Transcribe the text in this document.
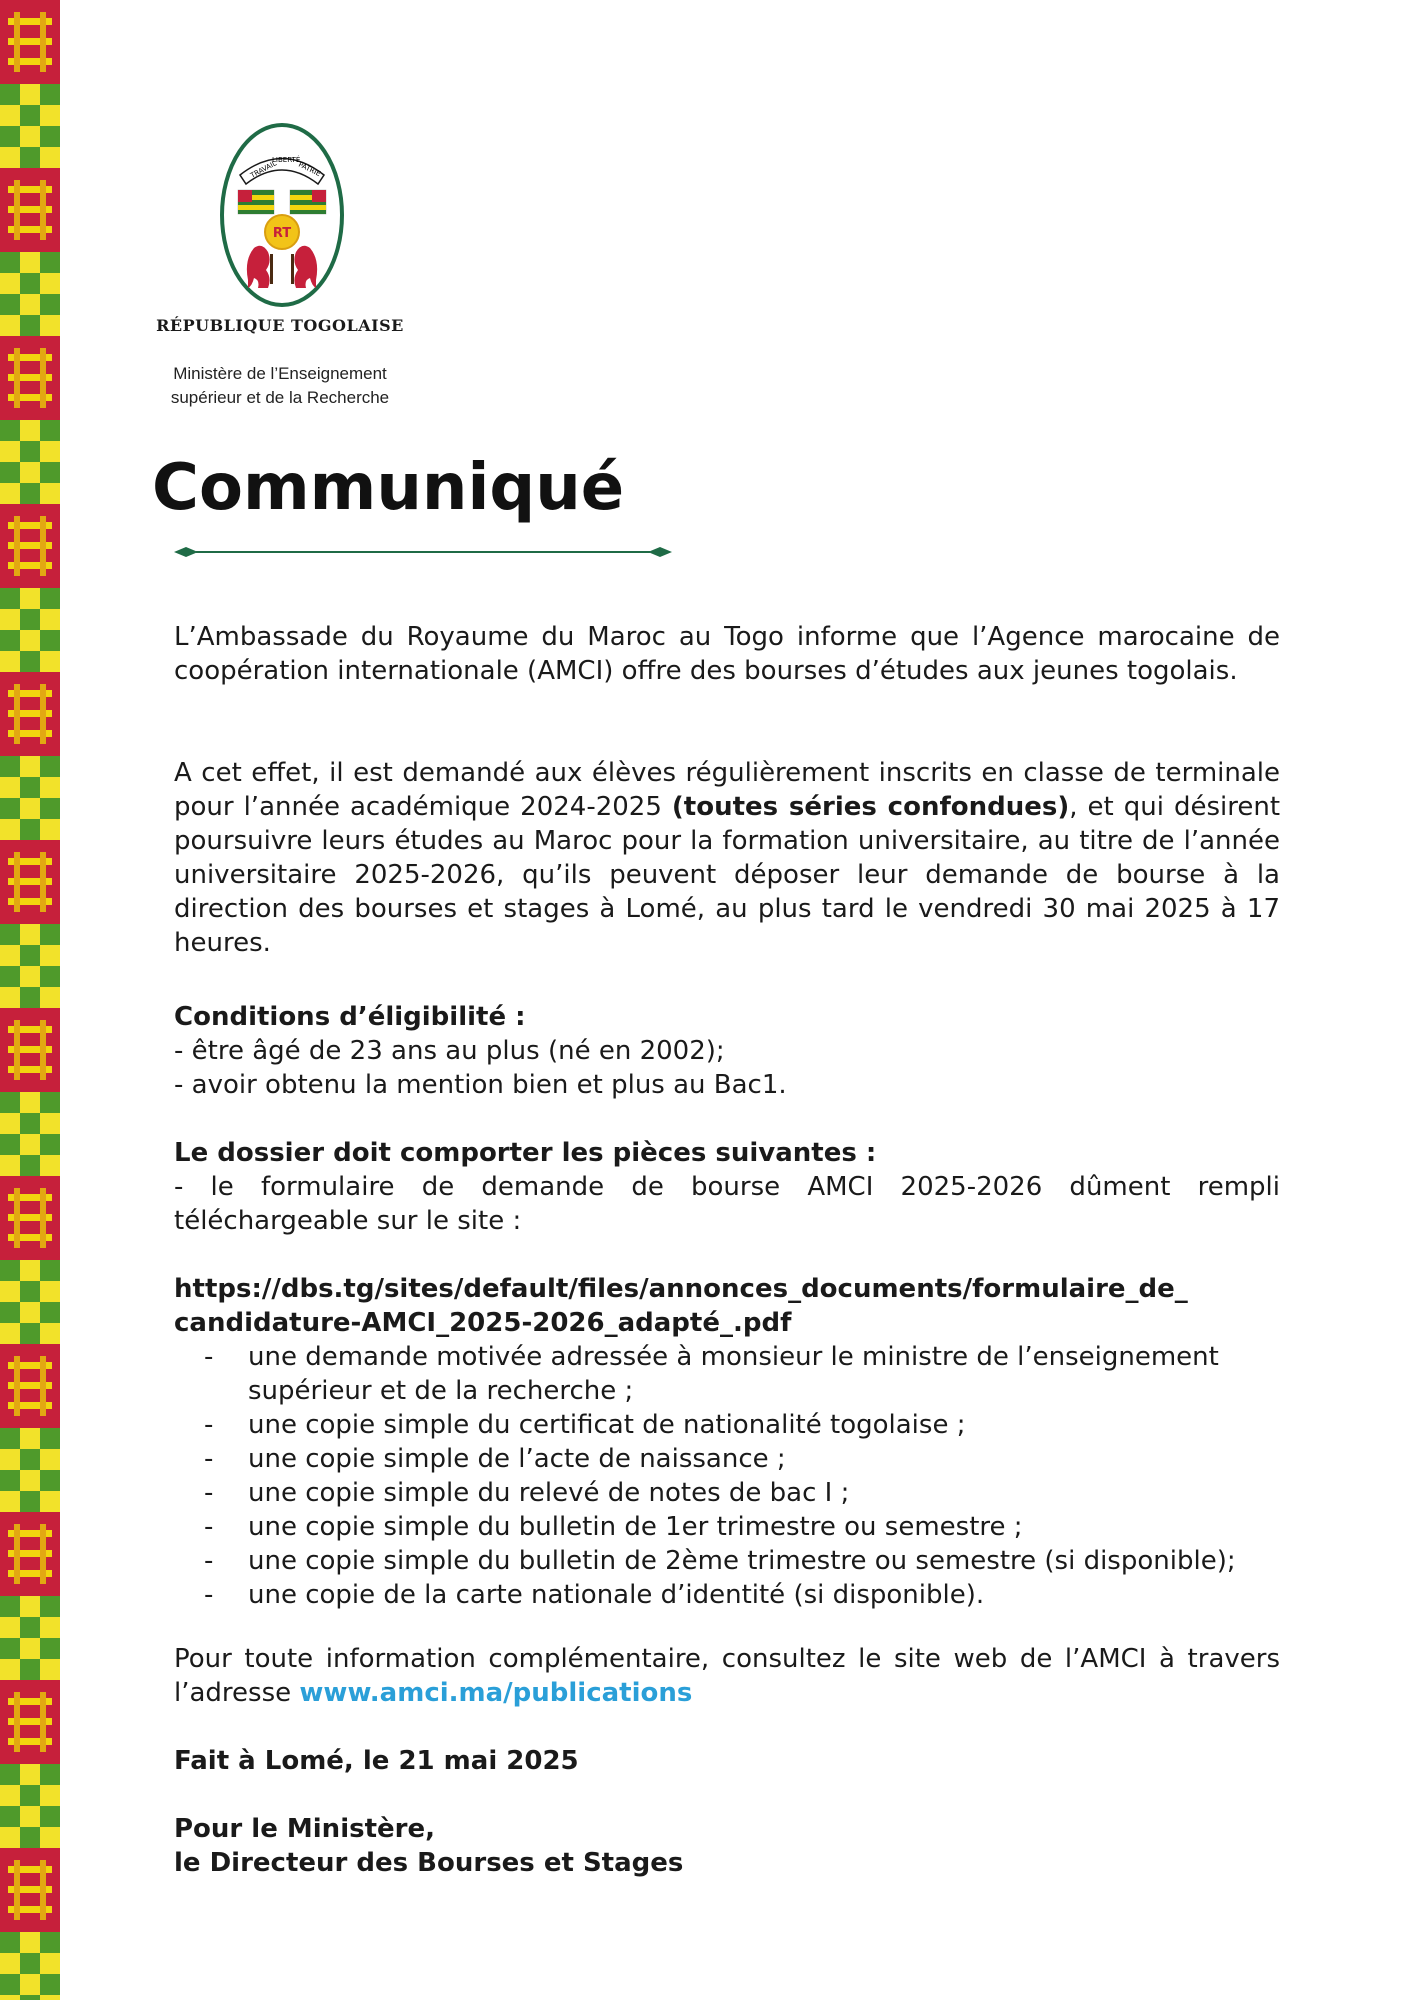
TRAVAIL
LIBERTÉ
PATRIE
RT
RÉPUBLIQUE TOGOLAISE
Ministère de l’Enseignement
supérieur et de la Recherche
Communiqué
L’Ambassade du Royaume du Maroc au Togo informe que l’Agence marocaine de coopération internationale (AMCI) offre des bourses d’études aux jeunes togolais.
A cet effet, il est demandé aux élèves régulièrement inscrits en classe de terminale pour l’année académique 2024-2025 (toutes séries confondues), et qui désirent poursuivre leurs études au Maroc pour la formation universitaire, au titre de l’année universitaire 2025-2026, qu’ils peuvent déposer leur demande de bourse à la direction des bourses et stages à Lomé, au plus tard le vendredi 30 mai 2025 à 17 heures.

Conditions d’éligibilité :

- être âgé de 23 ans au plus (né en 2002);

- avoir obtenu la mention bien et plus au Bac1.

Le dossier doit comporter les pièces suivantes :

- le formulaire de demande de bourse AMCI 2025-2026 dûment rempli téléchargeable sur le site :

https://dbs.tg/sites/default/files/annonces_documents/formulaire_de_

candidature-AMCI_2025-2026_adapté_.pdf

- une demande motivée adressée à monsieur le ministre de l’enseignement supérieur et de la recherche ;
- une copie simple du certificat de nationalité togolaise ;
- une copie simple de l’acte de naissance ;
- une copie simple du relevé de notes de bac I ;
- une copie simple du bulletin de 1er trimestre ou semestre ;
- une copie simple du bulletin de 2ème trimestre ou semestre (si disponible);
- une copie de la carte nationale d’identité (si disponible).
Pour toute information complémentaire, consultez le site web de l’AMCI à travers l’adresse www.amci.ma/publications
Fait à Lomé, le 21 mai 2025

Pour le Ministère,

le Directeur des Bourses et Stages
